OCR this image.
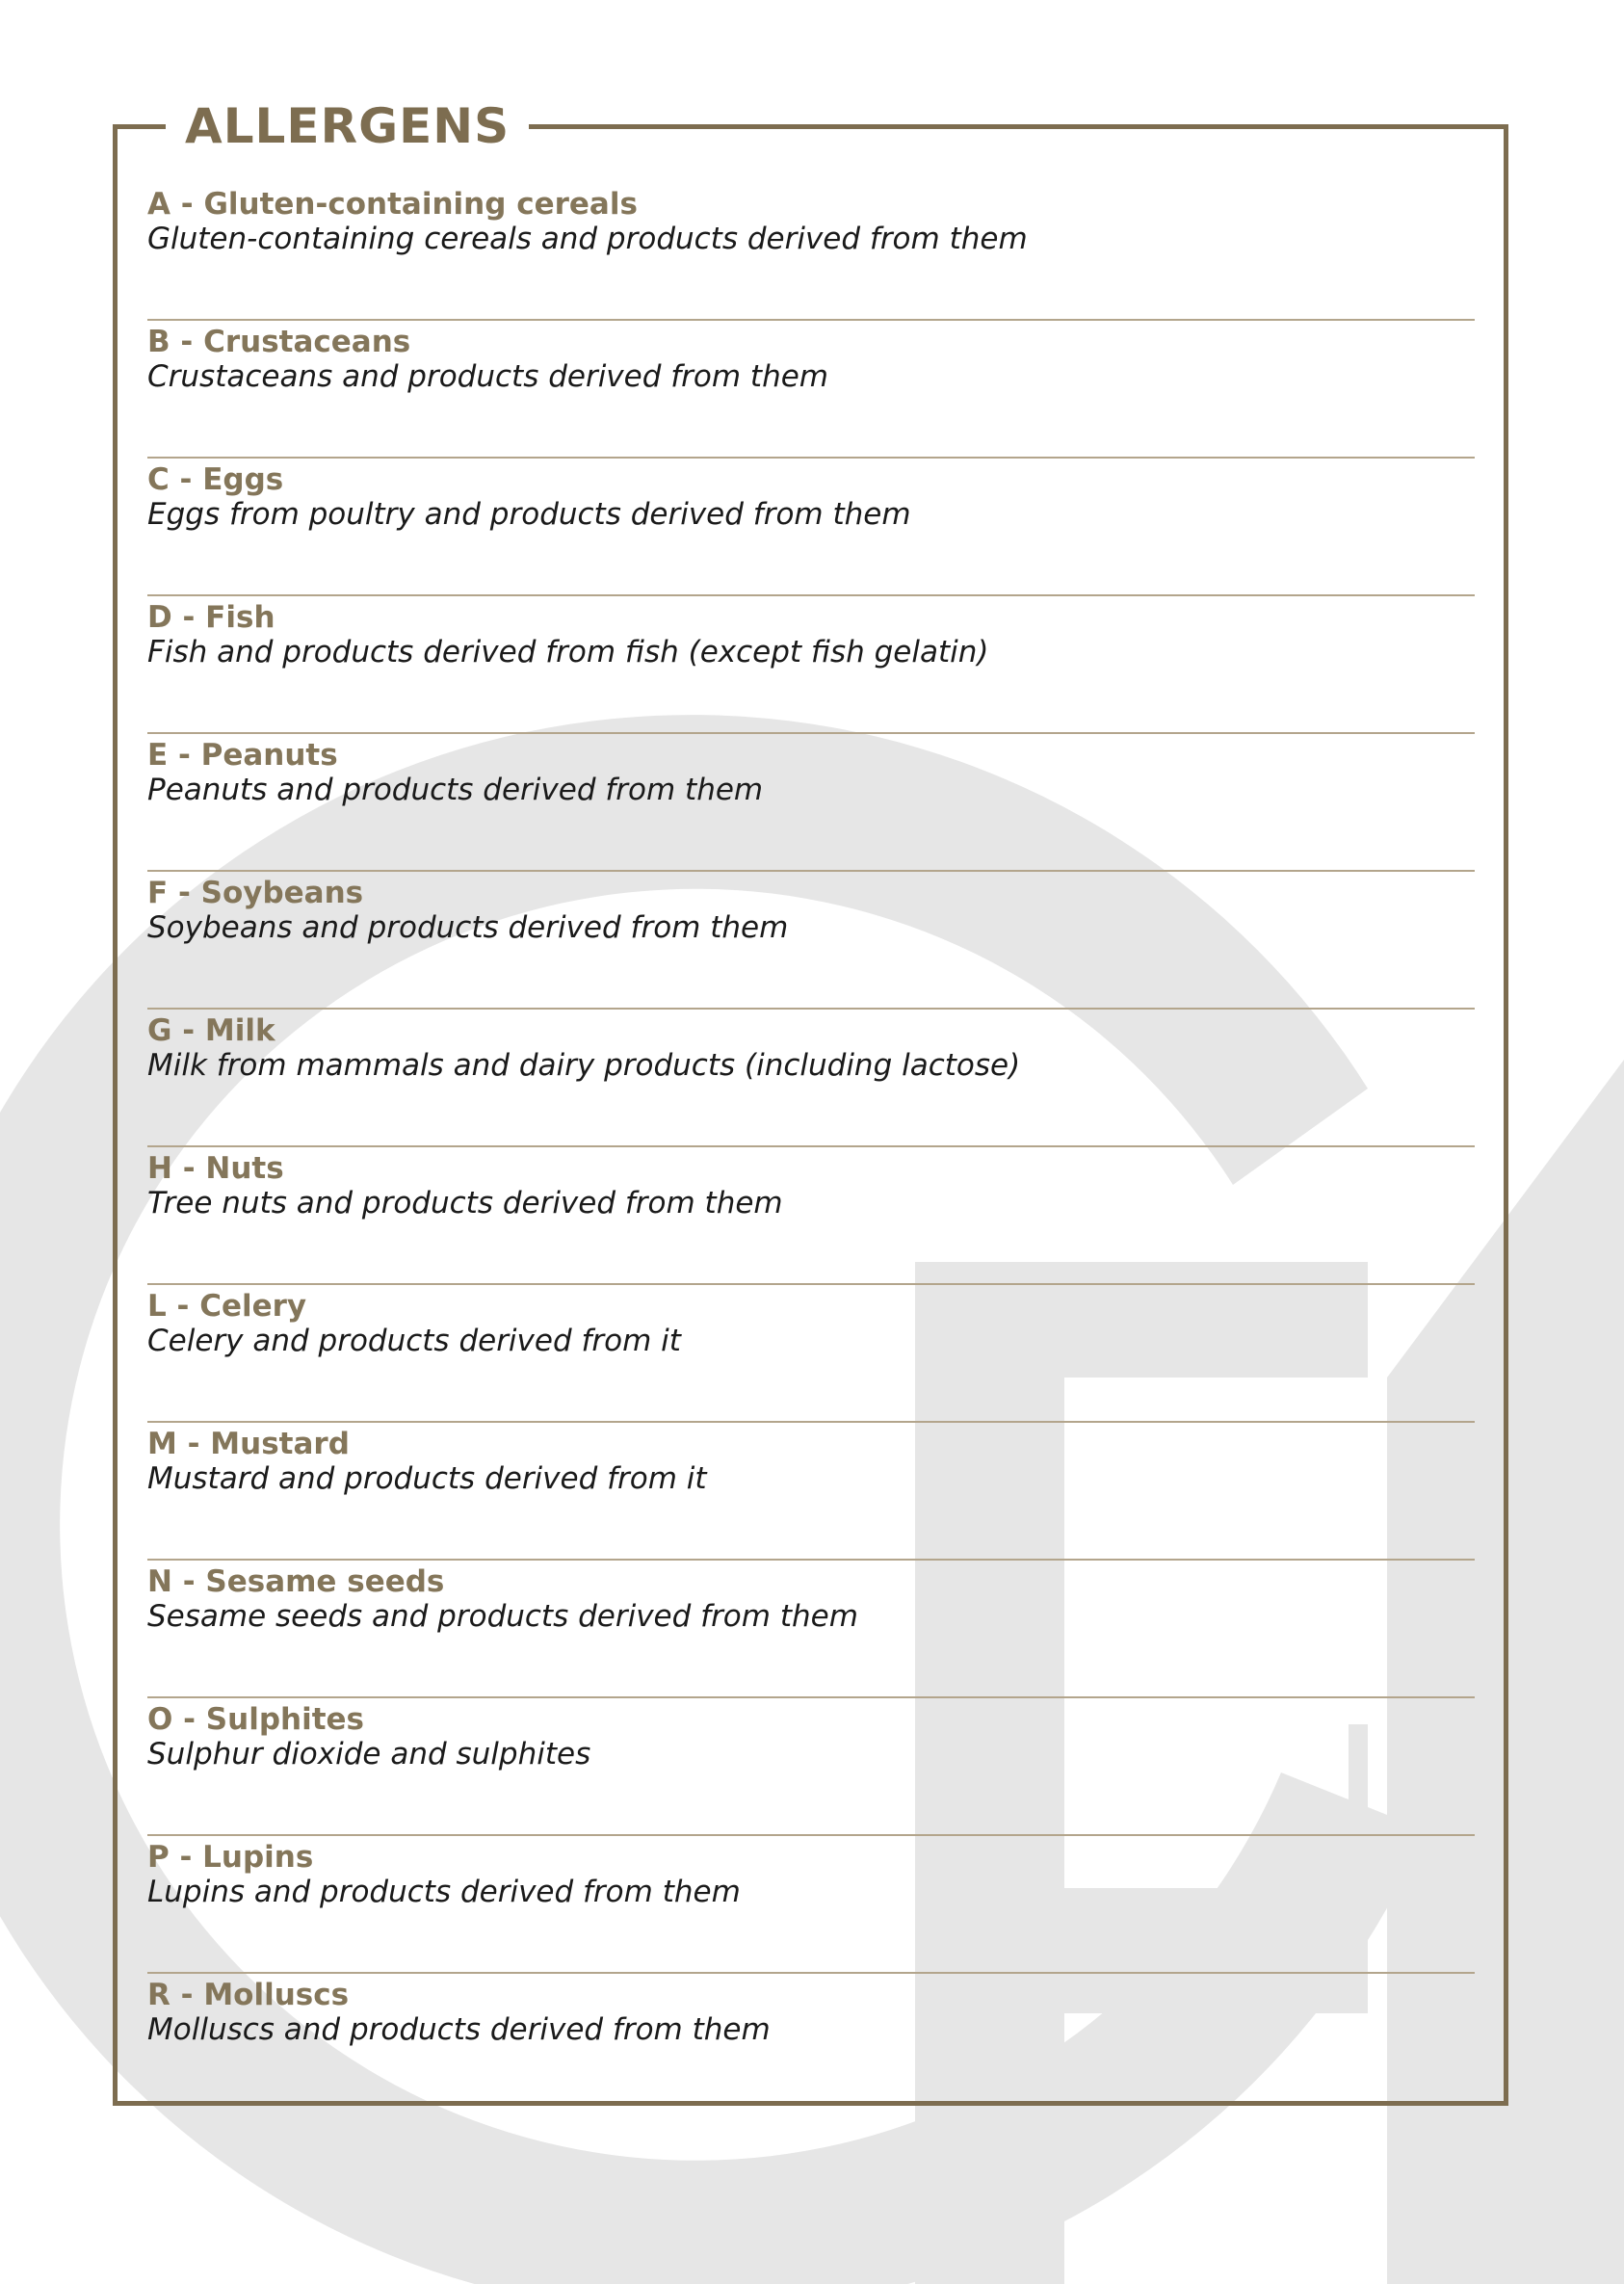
ALLERGENS
A - Gluten-containing cereals
Gluten-containing cereals and products derived from them
B - Crustaceans
Crustaceans and products derived from them
C - Eggs
Eggs from poultry and products derived from them
D - Fish
Fish and products derived from fish (except fish gelatin)
E - Peanuts
Peanuts and products derived from them
F - Soybeans
Soybeans and products derived from them
G - Milk
Milk from mammals and dairy products (including lactose)
H - Nuts
Tree nuts and products derived from them
L - Celery
Celery and products derived from it
M - Mustard
Mustard and products derived from it
N - Sesame seeds
Sesame seeds and products derived from them
O - Sulphites
Sulphur dioxide and sulphites
P - Lupins
Lupins and products derived from them
R - Molluscs
Molluscs and products derived from them
